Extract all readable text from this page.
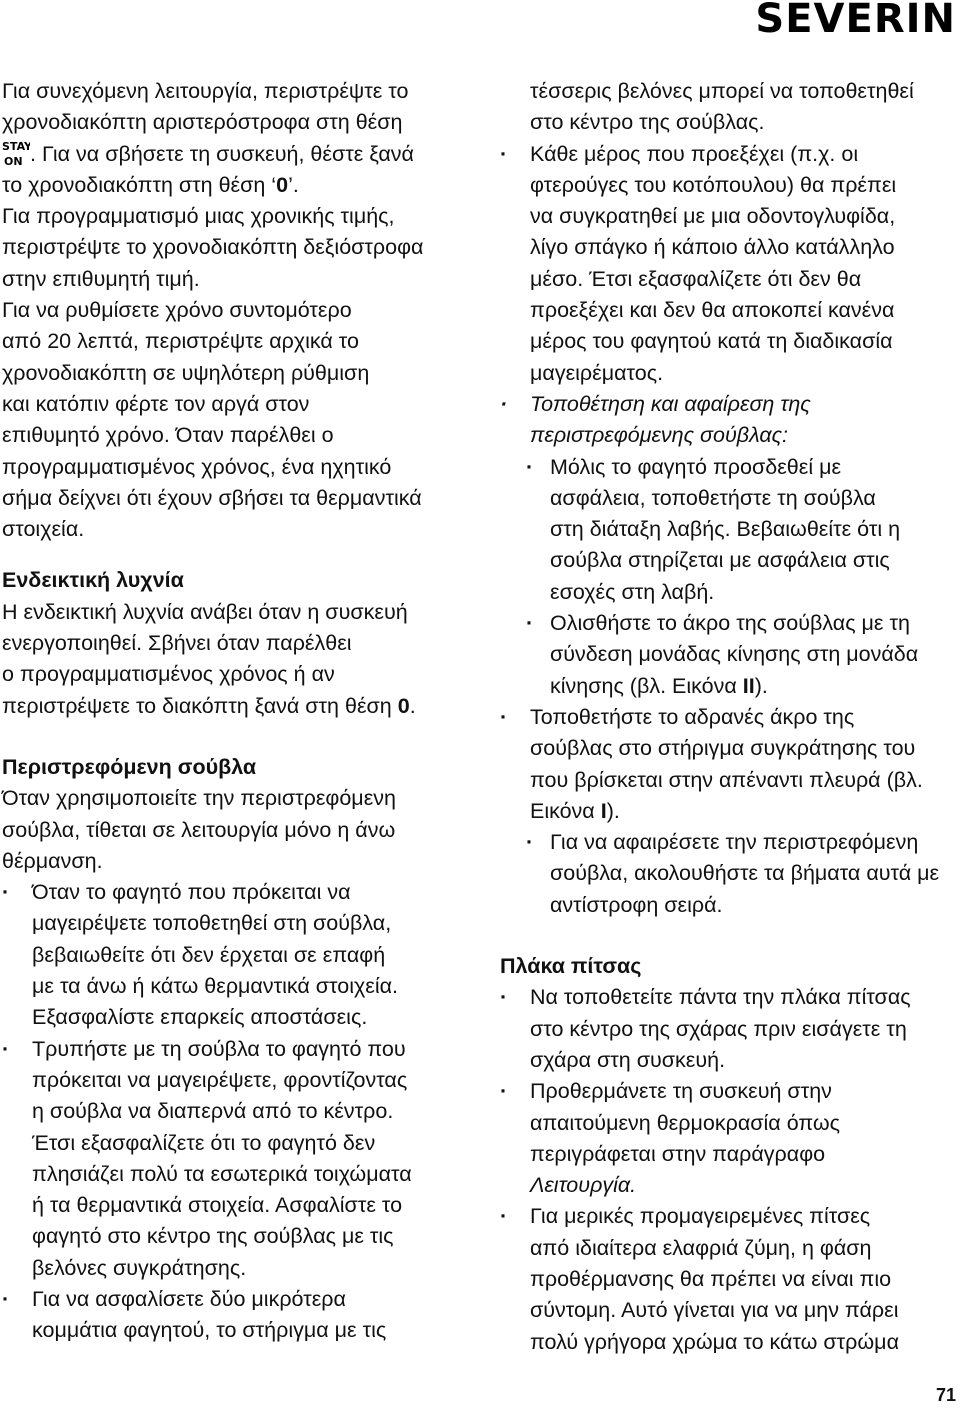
SEVERIN
Για συνεχόμενη λειτουργία, περιστρέψτε το
χρονοδιακόπτη αριστερόστροφα στη θέση
STAY
ON . Για να σβήσετε τη συσκευή, θέστε ξανά
το χρονοδιακόπτη στη θέση ‘0’.
Για προγραμματισμό μιας χρονικής τιμής,
περιστρέψτε το χρονοδιακόπτη δεξιόστροφα
στην επιθυμητή τιμή.
Για να ρυθμίσετε χρόνο συντομότερο
από 20 λεπτά, περιστρέψτε αρχικά το
χρονοδιακόπτη σε υψηλότερη ρύθμιση
και κατόπιν φέρτε τον αργά στον
επιθυμητό χρόνο. Όταν παρέλθει ο
προγραμματισμένος χρόνος, ένα ηχητικό
σήμα δείχνει ότι έχουν σβήσει τα θερμαντικά
στοιχεία.
Ενδεικτική λυχνία
Η ενδεικτική λυχνία ανάβει όταν η συσκευή
ενεργοποιηθεί. Σβήνει όταν παρέλθει
ο προγραμματισμένος χρόνος ή αν
περιστρέψετε το διακόπτη ξανά στη θέση 0.
Περιστρεφόμενη σούβλα
Όταν χρησιμοποιείτε την περιστρεφόμενη
σούβλα, τίθεται σε λειτουργία μόνο η άνω
θέρμανση.
· Όταν το φαγητό που πρόκειται να
μαγειρέψετε τοποθετηθεί στη σούβλα,
βεβαιωθείτε ότι δεν έρχεται σε επαφή
με τα άνω ή κάτω θερμαντικά στοιχεία.
Εξασφαλίστε επαρκείς αποστάσεις.
· Τρυπήστε με τη σούβλα το φαγητό που
πρόκειται να μαγειρέψετε, φροντίζοντας
η σούβλα να διαπερνά από το κέντρο.
Έτσι εξασφαλίζετε ότι το φαγητό δεν
πλησιάζει πολύ τα εσωτερικά τοιχώματα
ή τα θερμαντικά στοιχεία. Ασφαλίστε το
φαγητό στο κέντρο της σούβλας με τις
βελόνες συγκράτησης.
· Για να ασφαλίσετε δύο μικρότερα
κομμάτια φαγητού, το στήριγμα με τις
τέσσερις βελόνες μπορεί να τοποθετηθεί
στο κέντρο της σούβλας.
· Κάθε μέρος που προεξέχει (π.χ. οι
φτερούγες του κοτόπουλου) θα πρέπει
να συγκρατηθεί με μια οδοντογλυφίδα,
λίγο σπάγκο ή κάποιο άλλο κατάλληλο
μέσο. Έτσι εξασφαλίζετε ότι δεν θα
προεξέχει και δεν θα αποκοπεί κανένα
μέρος του φαγητού κατά τη διαδικασία
μαγειρέματος.
· Τοποθέτηση και αφαίρεση της
περιστρεφόμενης σούβλας:
· Μόλις το φαγητό προσδεθεί με
ασφάλεια, τοποθετήστε τη σούβλα
στη διάταξη λαβής. Βεβαιωθείτε ότι η
σούβλα στηρίζεται με ασφάλεια στις
εσοχές στη λαβή.
· Ολισθήστε το άκρο της σούβλας με τη
σύνδεση μονάδας κίνησης στη μονάδα
κίνησης (βλ. Εικόνα II).
· Τοποθετήστε το αδρανές άκρο της
σούβλας στο στήριγμα συγκράτησης του
που βρίσκεται στην απέναντι πλευρά (βλ.
Εικόνα I).
· Για να αφαιρέσετε την περιστρεφόμενη
σούβλα, ακολουθήστε τα βήματα αυτά με
αντίστροφη σειρά.
Πλάκα πίτσας
· Να τοποθετείτε πάντα την πλάκα πίτσας
στο κέντρο της σχάρας πριν εισάγετε τη
σχάρα στη συσκευή.
· Προθερμάνετε τη συσκευή στην
απαιτούμενη θερμοκρασία όπως
περιγράφεται στην παράγραφο
Λειτουργία.
· Για μερικές προμαγειρεμένες πίτσες
από ιδιαίτερα ελαφριά ζύμη, η φάση
προθέρμανσης θα πρέπει να είναι πιο
σύντομη. Αυτό γίνεται για να μην πάρει
πολύ γρήγορα χρώμα το κάτω στρώμα
71
